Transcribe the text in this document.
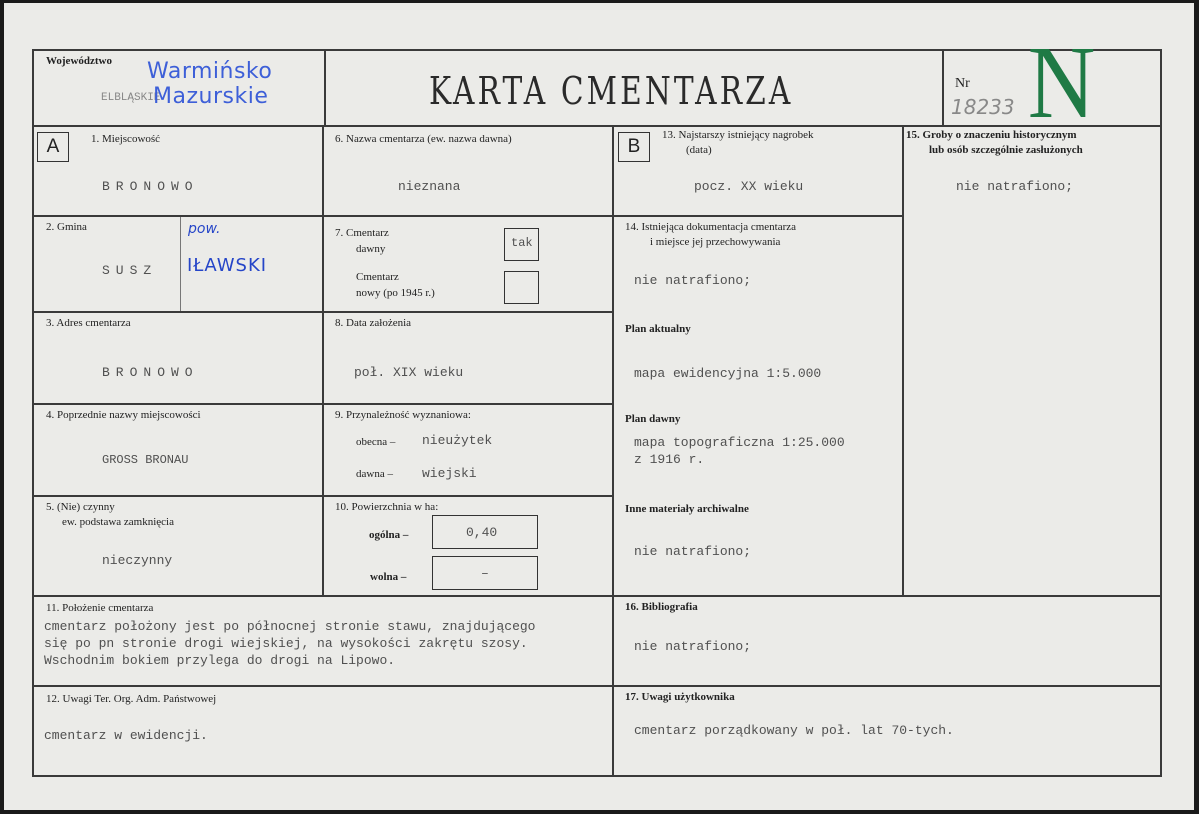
Województwo
ELBLĄSKIE
Warmińsko
Mazurskie	KARTA CMENTARZA	Nr
18233 N
A	B
1. Miejscowość
BRONOWO
2. Gmina
SUSZ
pow.
IŁAWSKI
3. Adres cmentarza
BRONOWO
4. Poprzednie nazwy miejscowości
GROSS BRONAU
5. (Nie) czynny
ew. podstawa zamknięcia
nieczynny
6. Nazwa cmentarza (ew. nazwa dawna)
nieznana
7. Cmentarz
dawny	tak
Cmentarz
nowy (po 1945 r.)
8. Data założenia
poł. XIX wieku
9. Przynależność wyznaniowa:
obecna – nieużytek
dawna – wiejski
10. Powierzchnia w ha:
ogólna –	0,40
wolna –	–
11. Położenie cmentarza
cmentarz położony jest po północnej stronie stawu, znajdującego
się po pn stronie drogi wiejskiej, na wysokości zakrętu szosy.
Wschodnim bokiem przylega do drogi na Lipowo.
12. Uwagi Ter. Org. Adm. Państwowej
cmentarz w ewidencji.
13. Najstarszy istniejący nagrobek
(data)
pocz. XX wieku
14. Istniejąca dokumentacja cmentarza
i miejsce jej przechowywania
nie natrafiono;
Plan aktualny
mapa ewidencyjna 1:5.000
Plan dawny
mapa topograficzna 1:25.000
z 1916 r.
Inne materiały archiwalne
nie natrafiono;
15. Groby o znaczeniu historycznym
lub osób szczególnie zasłużonych
nie natrafiono;
16. Bibliografia
nie natrafiono;
17. Uwagi użytkownika
cmentarz porządkowany w poł. lat 70-tych.
